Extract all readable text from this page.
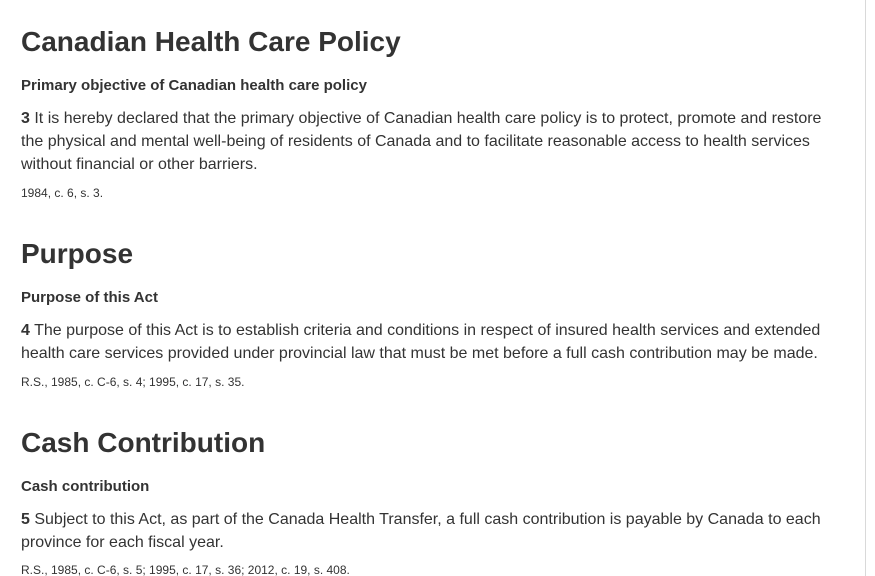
Canadian Health Care Policy
Primary objective of Canadian health care policy

3 It is hereby declared that the primary objective of Canadian health care policy is to protect, promote and restore the physical and mental well-being of residents of Canada and to facilitate reasonable access to health services without financial or other barriers.

1984, c. 6, s. 3.

Purpose
Purpose of this Act

4 The purpose of this Act is to establish criteria and conditions in respect of insured health services and extended health care services provided under provincial law that must be met before a full cash contribution may be made.

R.S., 1985, c. C-6, s. 4; 1995, c. 17, s. 35.

Cash Contribution
Cash contribution

5 Subject to this Act, as part of the Canada Health Transfer, a full cash contribution is payable by Canada to each province for each fiscal year.

R.S., 1985, c. C-6, s. 5; 1995, c. 17, s. 36; 2012, c. 19, s. 408.
